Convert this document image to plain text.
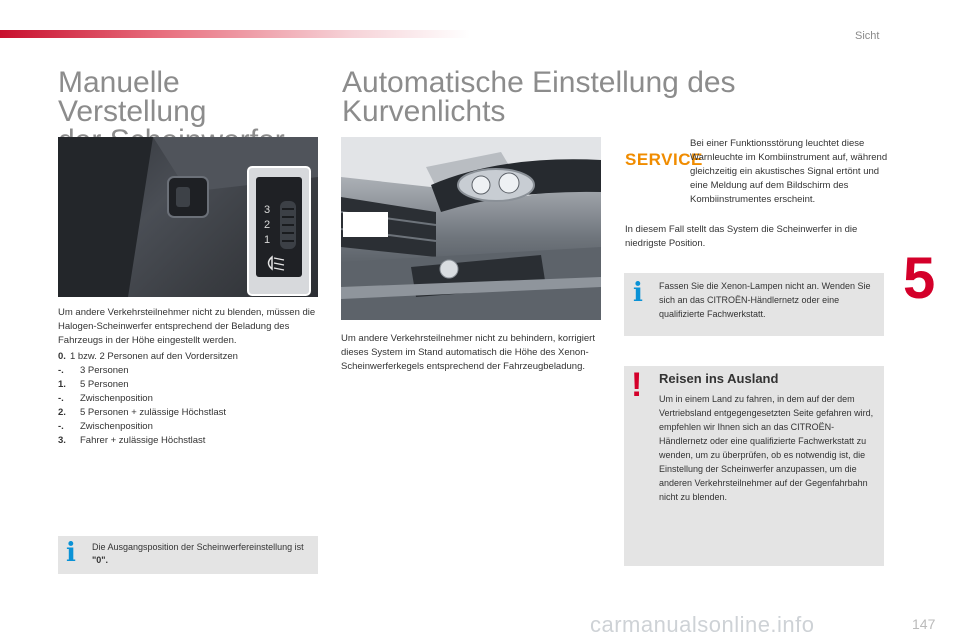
Sicht
5
Manuelle Verstellung
3
2
1
Um andere Verkehrsteilnehmer nicht zu blenden, müssen die Halogen-Scheinwerfer entsprechend der Beladung des Fahrzeugs in der Höhe eingestellt werden.
0. 1 bzw. 2 Personen auf den Vordersitzen
-.	3 Personen
1.	5 Personen
-.	Zwischenposition
2.	5 Personen + zulässige Höchstlast
-.	Zwischenposition
3.	Fahrer + zulässige Höchstlast
i Die Ausgangsposition der Scheinwerfereinstellung ist "0".
Automatische Einstellung des Kurvenlichts
Um andere Verkehrsteilnehmer nicht zu behindern, korrigiert dieses System im Stand automatisch die Höhe des Xenon-Scheinwerferkegels entsprechend der Fahrzeugbeladung.
SERVICE
Bei einer Funktionsstörung leuchtet diese Warnleuchte im Kombiinstrument auf, während gleichzeitig ein akustisches Signal ertönt und eine Meldung auf dem Bildschirm des Kombiinstrumentes erscheint.
In diesem Fall stellt das System die Scheinwerfer in die niedrigste Position.
i Fassen Sie die Xenon-Lampen nicht an. Wenden Sie sich an das CITROËN-Händlernetz oder eine qualifizierte Fachwerkstatt.
! Reisen ins Ausland
Um in einem Land zu fahren, in dem auf der dem Vertriebsland entgegengesetzten Seite gefahren wird, empfehlen wir Ihnen sich an das CITROËN-Händlernetz oder eine qualifizierte Fachwerkstatt zu wenden, um zu überprüfen, ob es notwendig ist, die Einstellung der Scheinwerfer anzupassen, um die anderen Verkehrsteilnehmer auf der Gegenfahrbahn nicht zu blenden.
carmanualsonline.info	147
